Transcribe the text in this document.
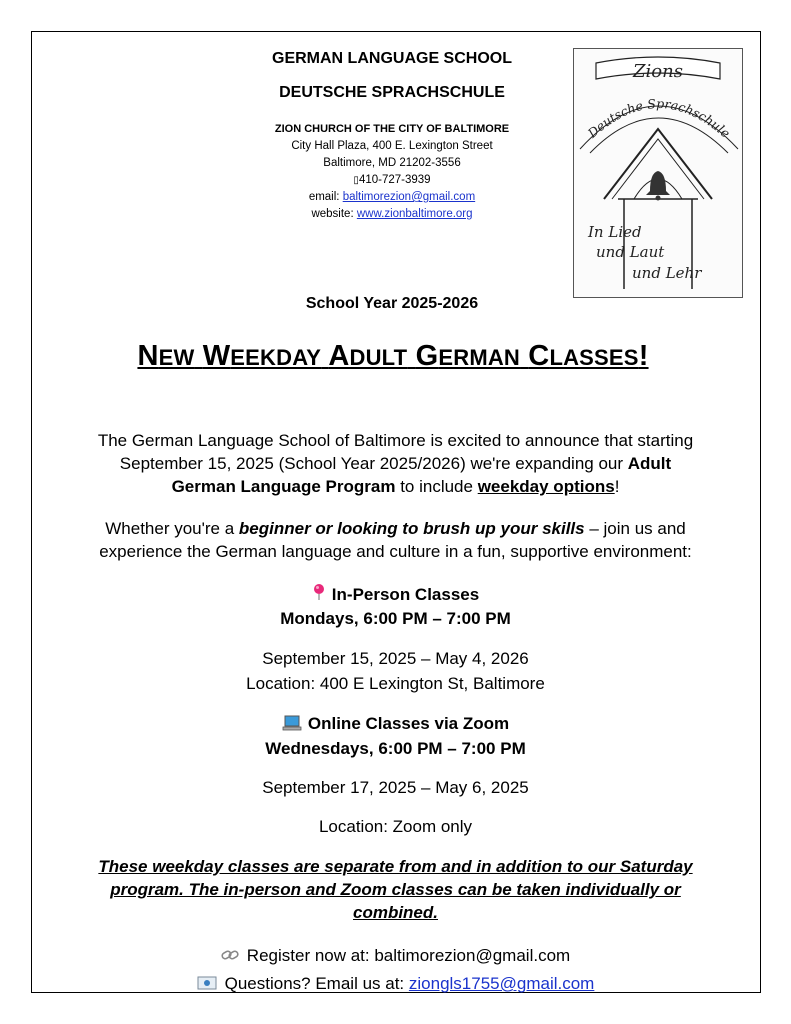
GERMAN LANGUAGE SCHOOL
DEUTSCHE SPRACHSCHULE
ZION CHURCH OF THE CITY OF BALTIMORE
City Hall Plaza, 400 E. Lexington Street
Baltimore, MD 21202-3556
▯410-727-3939
email: baltimorezion@gmail.com
website: www.zionbaltimore.org
Zions
Deutsche Sprachschule
In Lied
und Laut
und Lehr
School Year 2025-2026
NEW WEEKDAY ADULT GERMAN CLASSES!
The German Language School of Baltimore is excited to announce that starting
September 15, 2025 (School Year 2025/2026) we're expanding our Adult
German Language Program to include weekday options!
Whether you're a beginner or looking to brush up your skills – join us and
experience the German language and culture in a fun, supportive environment:
In-Person Classes
Mondays, 6:00 PM – 7:00 PM
September 15, 2025 – May 4, 2026
Location: 400 E Lexington St, Baltimore
Online Classes via Zoom
Wednesdays, 6:00 PM – 7:00 PM
September 17, 2025 – May 6, 2025
Location: Zoom only
These weekday classes are separate from and in addition to our Saturday
program. The in-person and Zoom classes can be taken individually or
combined.
Register now at: baltimorezion@gmail.com
Questions? Email us at: ziongls1755@gmail.com
